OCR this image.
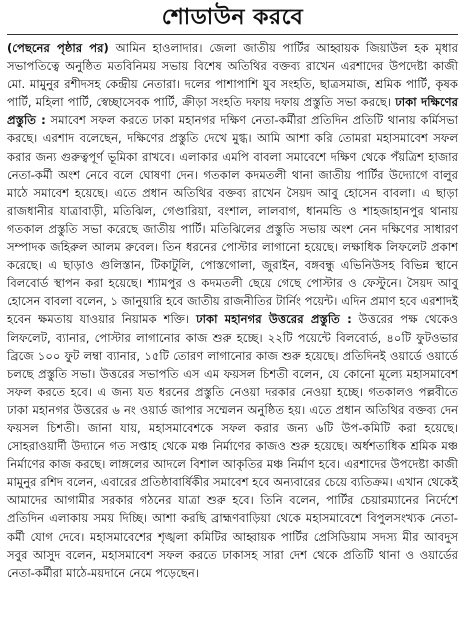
শোডাউন করবে
(পেছনের পৃষ্ঠার পর) আমিন হাওলাদার। জেলা জাতীয় পার্টির আহ্বায়ক জিয়াউল হক মৃধার সভাপতিত্বে অনুষ্ঠিত মতবিনিময় সভায় বিশেষ অতিথির বক্তব্য রাখেন এরশাদের উপদেষ্টা কাজী মো. মামুনুর রশীদসহ কেন্দ্রীয় নেতারা। দলের পাশাপাশি যুব সংহতি, ছাত্রসমাজ, শ্রমিক পার্টি, কৃষক পার্টি, মহিলা পার্টি, স্বেচ্ছাসেবক পার্টি, ক্রীড়া সংহতি দফায় দফায় প্রস্তুতি সভা করছে। ঢাকা দক্ষিণের প্রস্তুতি : সমাবেশ সফল করতে ঢাকা মহানগর দক্ষিণ নেতা-কর্মীরা প্রতিদিন প্রতিটি থানায় কর্মিসভা করছে। এরশাদ বলেছেন, দক্ষিণের প্রস্তুতি দেখে মুগ্ধ। আমি আশা করি তোমরা মহাসমাবেশ সফল করার জন্য গুরুত্বপূর্ণ ভূমিকা রাখবে। এলাকার এমপি বাবলা সমাবেশে দক্ষিণ থেকে পঁয়ত্রিশ হাজার নেতা-কর্মী অংশ নেবে বলে ঘোষণা দেন। গতকাল কদমতলী থানা জাতীয় পার্টির উদ্যোগে বালুর মাঠে সমাবেশ হয়েছে। এতে প্রধান অতিথির বক্তব্য রাখেন সৈয়দ আবু হোসেন বাবলা। এ ছাড়া রাজধানীর যাত্রাবাড়ী, মতিঝিল, গেণ্ডারিয়া, বংশাল, লালবাগ, ধানমন্ডি ও শাহজাহানপুর থানায় গতকাল প্রস্তুতি সভা করেছে জাতীয় পার্টি। মতিঝিলের প্রস্তুতি সভায় অংশ নেন দক্ষিণের সাধারণ সম্পাদক জহিরুল আলম রুবেল। তিন ধরনের পোস্টার লাগানো হয়েছে। লক্ষাধিক লিফলেট প্রকাশ করেছে। এ ছাড়াও গুলিস্তান, টিকাটুলি, পোস্তগোলা, জুরাইন, বঙ্গবন্ধু এভিনিউসহ বিভিন্ন স্থানে বিলবোর্ড স্থাপন করা হয়েছে। শ্যামপুর ও কদমতলী ছেয়ে গেছে পোস্টার ও ফেস্টুনে। সৈয়দ আবু হোসেন বাবলা বলেন, ১ জানুয়ারি হবে জাতীয় রাজনীতির টার্নিং পয়েন্ট। এদিন প্রমাণ হবে এরশাদই হবেন ক্ষমতায় যাওয়ার নিয়ামক শক্তি। ঢাকা মহানগর উত্তরের প্রস্তুতি : উত্তরের পক্ষ থেকেও লিফলেট, ব্যানার, পোস্টার লাগানোর কাজ শুরু হচ্ছে। ২২টি পয়েন্টে বিলবোর্ড, ৪০টি ফুটওভার ব্রিজে ১০০ ফুট লম্বা ব্যানার, ১৫টি তোরণ লাগানোর কাজ শুরু হয়েছে। প্রতিদিনই ওয়ার্ডে ওয়ার্ডে চলছে প্রস্তুতি সভা। উত্তরের সভাপতি এস এম ফয়সল চিশতী বলেন, যে কোনো মূল্যে মহাসমাবেশ সফল করতে হবে। এ জন্য যত ধরনের প্রস্তুতি নেওয়া দরকার নেওয়া হচ্ছে। গতকালও পল্লবীতে ঢাকা মহানগর উত্তরের ৬ নং ওয়ার্ড জাপার সম্মেলন অনুষ্ঠিত হয়। এতে প্রধান অতিথির বক্তব্য দেন ফয়সল চিশতী। জানা যায়, মহাসমাবেশকে সফল করার জন্য ৬টি উপ-কমিটি করা হয়েছে। সোহরাওয়ার্দী উদ্যানে গত সপ্তাহ থেকে মঞ্চ নির্মাণের কাজও শুরু হয়েছে। অর্ধশতাধিক শ্রমিক মঞ্চ নির্মাণের কাজ করছে। লাঙ্গলের আদলে বিশাল আকৃতির মঞ্চ নির্মাণ হবে। এরশাদের উপদেষ্টা কাজী মামুনুর রশিদ বলেন, এবারের প্রতিষ্ঠাবার্ষিকীর সমাবেশ হবে অন্যবারের চেয়ে ব্যতিক্রম। এখান থেকেই আমাদের আগামীর সরকার গঠনের যাত্রা শুরু হবে। তিনি বলেন, পার্টির চেয়ারম্যানের নির্দেশে প্রতিদিন এলাকায় সময় দিচ্ছি। আশা করছি ব্রাহ্মণবাড়িয়া থেকে মহাসমাবেশে বিপুলসংখ্যক নেতা-কর্মী যোগ দেবে। মহাসমাবেশের শৃঙ্খলা কমিটির আহ্বায়ক পার্টির প্রেসিডিয়াম সদস্য মীর আবদুস সবুর আসুদ বলেন, মহাসমাবেশ সফল করতে ঢাকাসহ সারা দেশ থেকে প্রতিটি থানা ও ওয়ার্ডের নেতা-কর্মীরা মাঠে-ময়দানে নেমে পড়েছেন।
